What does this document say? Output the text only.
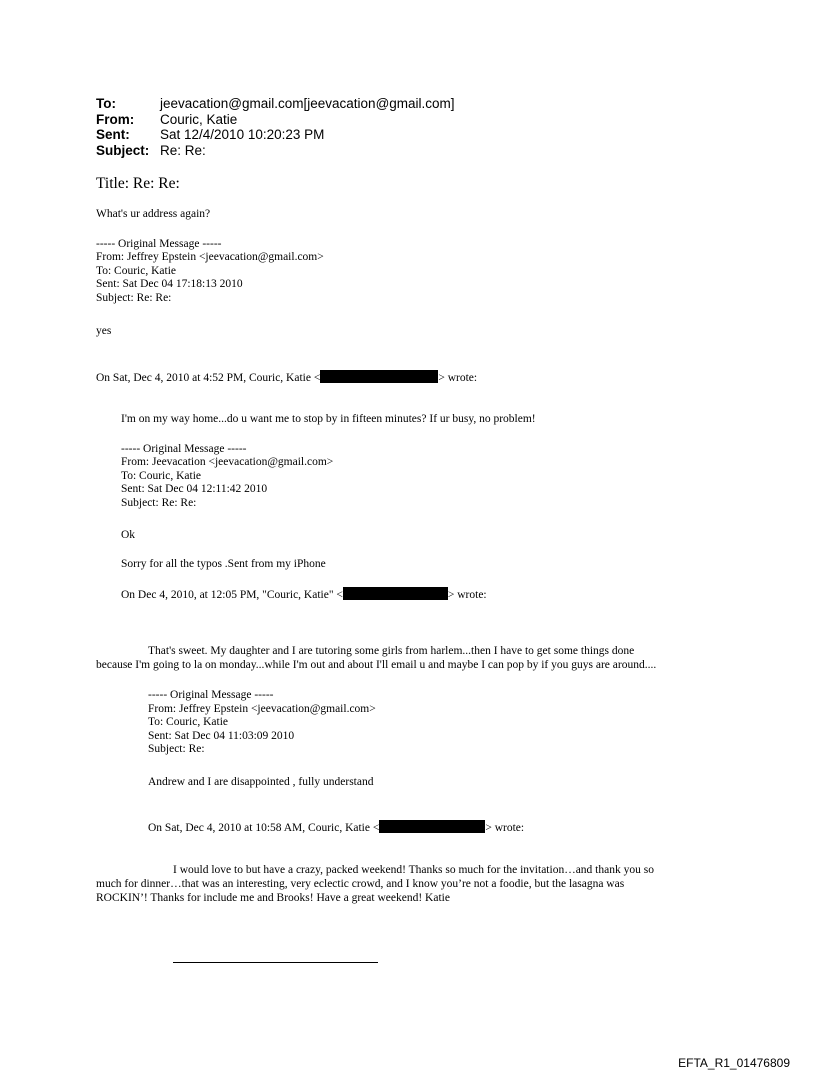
To:	jeevacation@gmail.com[jeevacation@gmail.com]
From:	Couric, Katie
Sent:	Sat 12/4/2010 10:20:23 PM
Subject: Re: Re:
Title: Re: Re:

What's ur address again?

----- Original Message -----

From: Jeffrey Epstein <jeevacation@gmail.com>

To: Couric, Katie

Sent: Sat Dec 04 17:18:13 2010

Subject: Re: Re:

yes
On Sat, Dec 4, 2010 at 4:52 PM, Couric, Katie <	> wrote:

I'm on my way home...do u want me to stop by in fifteen minutes? If ur busy, no problem!

----- Original Message -----

From: Jeevacation <jeevacation@gmail.com>

To: Couric, Katie

Sent: Sat Dec 04 12:11:42 2010

Subject: Re: Re:

Ok
Sorry for all the typos .Sent from my iPhone
On Dec 4, 2010, at 12:05 PM, "Couric, Katie" <	> wrote:
That's sweet. My daughter and I are tutoring some girls from harlem...then I have to get some things done
because I'm going to la on monday...while I'm out and about I'll email u and maybe I can pop by if you guys are around....

----- Original Message -----

From: Jeffrey Epstein <jeevacation@gmail.com>

To: Couric, Katie

Sent: Sat Dec 04 11:03:09 2010

Subject: Re:

Andrew and I are disappointed , fully understand
On Sat, Dec 4, 2010 at 10:58 AM, Couric, Katie <	> wrote:
I would love to but have a crazy, packed weekend! Thanks so much for the invitation…and thank you so
much for dinner…that was an interesting, very eclectic crowd, and I know you’re not a foodie, but the lasagna was
ROCKIN’! Thanks for include me and Brooks! Have a great weekend! Katie
EFTA_R1_01476809
